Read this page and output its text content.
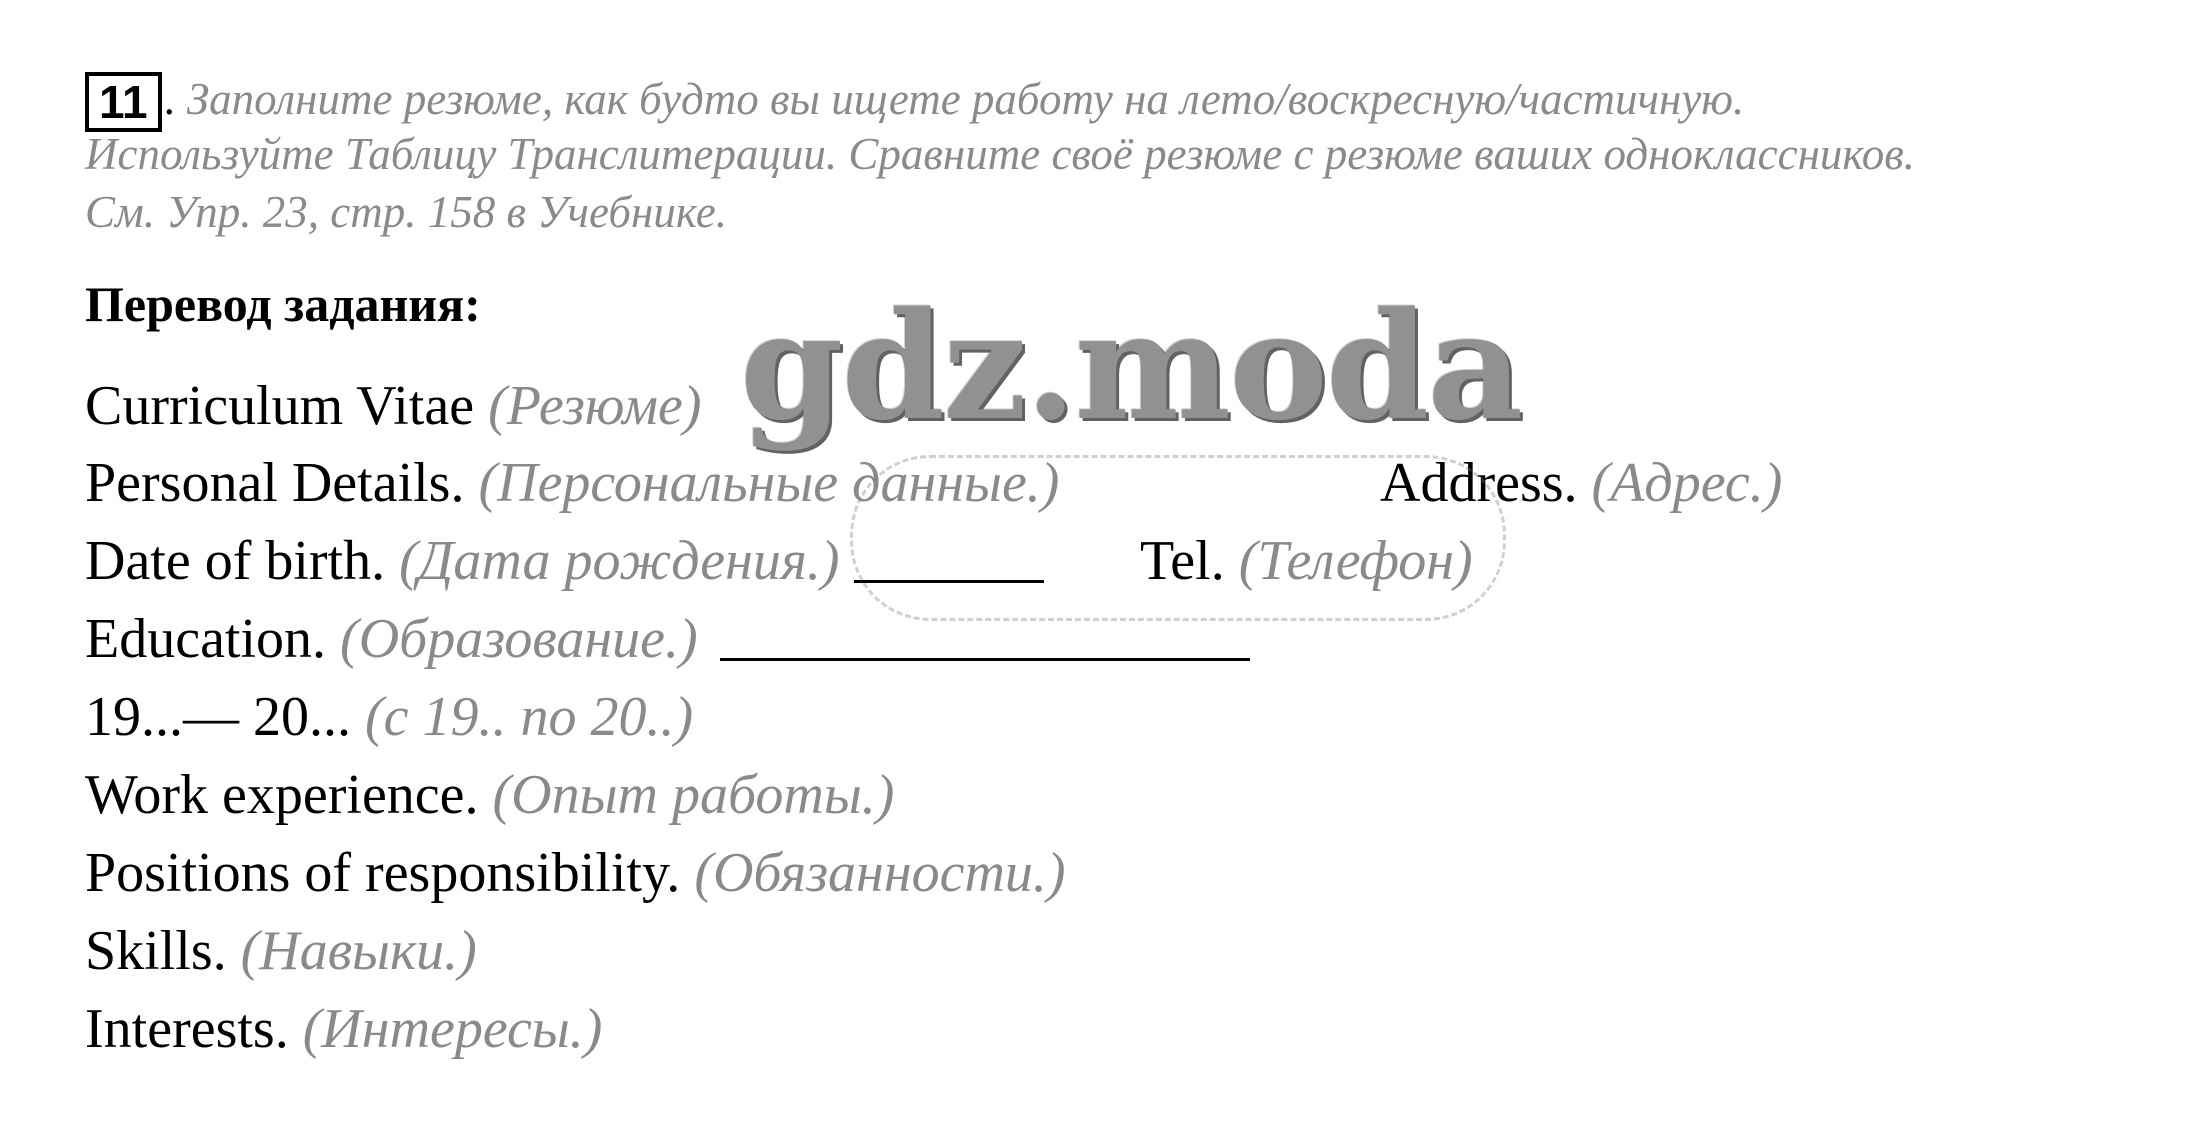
11 . Заполните резюме, как будто вы ищете работу на лето/воскресную/частичную.
Используйте Таблицу Транслитерации. Сравните своё резюме с резюме ваших одноклассников.
См. Упр. 23, стр. 158 в Учебнике.
Перевод задания:
Curriculum Vitae (Резюме)
Personal Details. (Персональные данные.)
Date of birth. (Дата рождения.)
Education. (Образование.)
19...— 20... (с 19.. по 20..)
Work experience. (Опыт работы.)
Positions of responsibility. (Обязанности.)
Skills. (Навыки.)
Interests. (Интересы.)
Address. (Адрес.)
Tel. (Телефон)
gdz.moda
